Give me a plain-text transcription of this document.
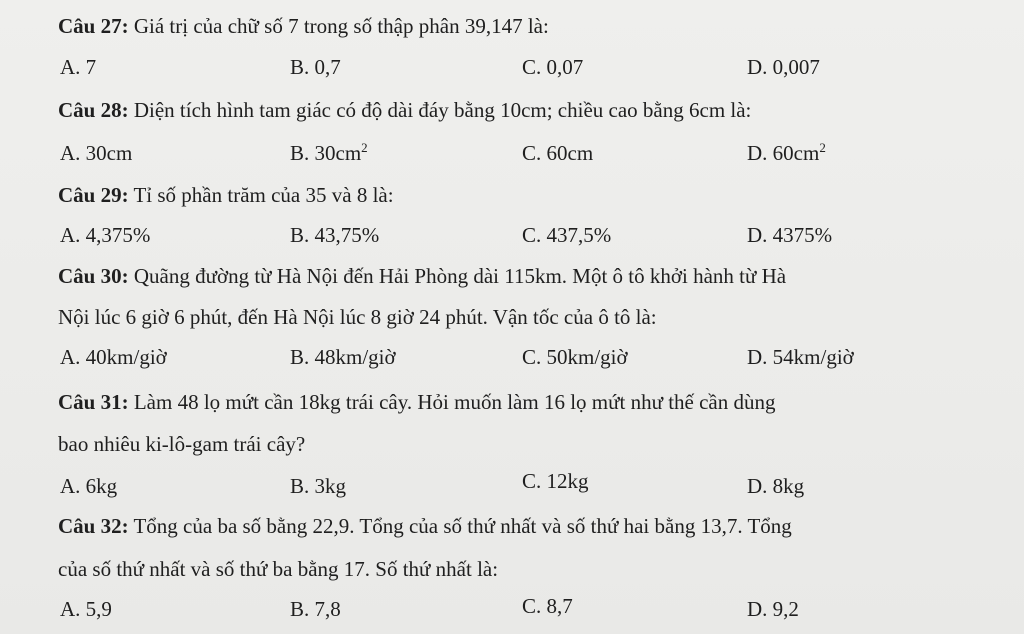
Câu 27: Giá trị của chữ số 7 trong số thập phân 39,147 là:
A. 7	B. 0,7	C. 0,07	D. 0,007
Câu 28: Diện tích hình tam giác có độ dài đáy bằng 10cm; chiều cao bằng 6cm là:
A. 30cm	B. $30cm^2$	C. 60cm	D. $60cm^2$
Câu 29: Tỉ số phần trăm của 35 và 8 là:
A. 4,375%	B. 43,75%	C. 437,5%	D. 4375%
Câu 30: Quãng đường từ Hà Nội đến Hải Phòng dài 115km. Một ô tô khởi hành từ Hà
Nội lúc 6 giờ 6 phút, đến Hà Nội lúc 8 giờ 24 phút. Vận tốc của ô tô là:
A. 40km/giờ	B. 48km/giờ	C. 50km/giờ	D. 54km/giờ
Câu 31: Làm 48 lọ mứt cần 18kg trái cây. Hỏi muốn làm 16 lọ mứt như thế cần dùng
bao nhiêu ki-lô-gam trái cây?
A. 6kg	B. 3kg	C. 12kg	D. 8kg
Câu 32: Tổng của ba số bằng 22,9. Tổng của số thứ nhất và số thứ hai bằng 13,7. Tổng
của số thứ nhất và số thứ ba bằng 17. Số thứ nhất là:
A. 5,9	B. 7,8	C. 8,7	D. 9,2
